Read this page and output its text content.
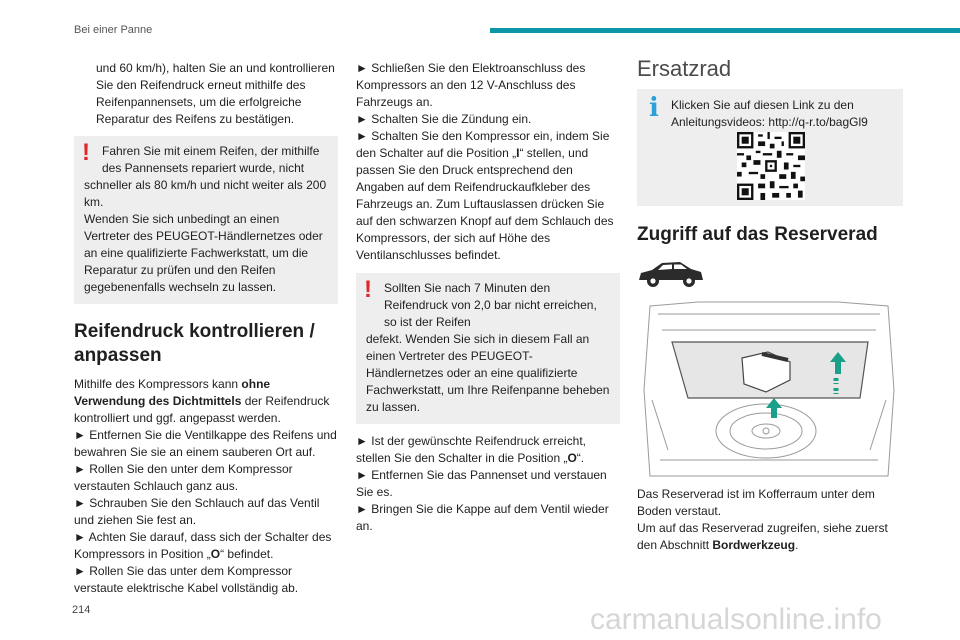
Bei einer Panne

und 60 km/h), halten Sie an und kontrollieren Sie den Reifendruck erneut mithilfe des Reifenpannensets, um die erfolgreiche Reparatur des Reifens zu bestätigen.

!	Fahren Sie mit einem Reifen, der mithilfe des Pannensets repariert wurde, nicht

schneller als 80 km/h und nicht weiter als 200 km.

Wenden Sie sich unbedingt an einen Vertreter des PEUGEOT-Händlernetzes oder an eine qualifizierte Fachwerkstatt, um die Reparatur zu prüfen und den Reifen gegebenenfalls wechseln zu lassen.

Reifendruck kontrollieren / anpassen

Mithilfe des Kompressors kann ohne Verwendung des Dichtmittels der Reifendruck kontrolliert und ggf. angepasst werden.

► Entfernen Sie die Ventilkappe des Reifens und bewahren Sie sie an einem sauberen Ort auf.

► Rollen Sie den unter dem Kompressor verstauten Schlauch ganz aus.

► Schrauben Sie den Schlauch auf das Ventil und ziehen Sie fest an.

► Achten Sie darauf, dass sich der Schalter des Kompressors in Position „O“ befindet.

► Rollen Sie das unter dem Kompressor verstaute elektrische Kabel vollständig ab.

► Schließen Sie den Elektroanschluss des Kompressors an den 12 V-Anschluss des Fahrzeugs an.

► Schalten Sie die Zündung ein.

► Schalten Sie den Kompressor ein, indem Sie den Schalter auf die Position „I“ stellen, und passen Sie den Druck entsprechend den Angaben auf dem Reifendruckaufkleber des Fahrzeugs an. Zum Luftauslassen drücken Sie auf den schwarzen Knopf auf dem Schlauch des Kompressors, der sich auf Höhe des Ventilanschlusses befindet.

!	Sollten Sie nach 7 Minuten den Reifendruck von 2,0 bar nicht erreichen, so ist der Reifen

defekt. Wenden Sie sich in diesem Fall an einen Vertreter des PEUGEOT-Händlernetzes oder an eine qualifizierte Fachwerkstatt, um Ihre Reifenpanne beheben zu lassen.

► Ist der gewünschte Reifendruck erreicht, stellen Sie den Schalter in die Position „O“.

► Entfernen Sie das Pannenset und verstauen Sie es.

► Bringen Sie die Kappe auf dem Ventil wieder an.

Ersatzrad
i Klicken Sie auf diesen Link zu den Anleitungsvideos: http://q-r.to/bagGl9

Zugriff auf das Reserverad

Das Reserverad ist im Kofferraum unter dem Boden verstaut.

Um auf das Reserverad zugreifen, siehe zuerst den Abschnitt Bordwerkzeug.

214	carmanualsonline.info
